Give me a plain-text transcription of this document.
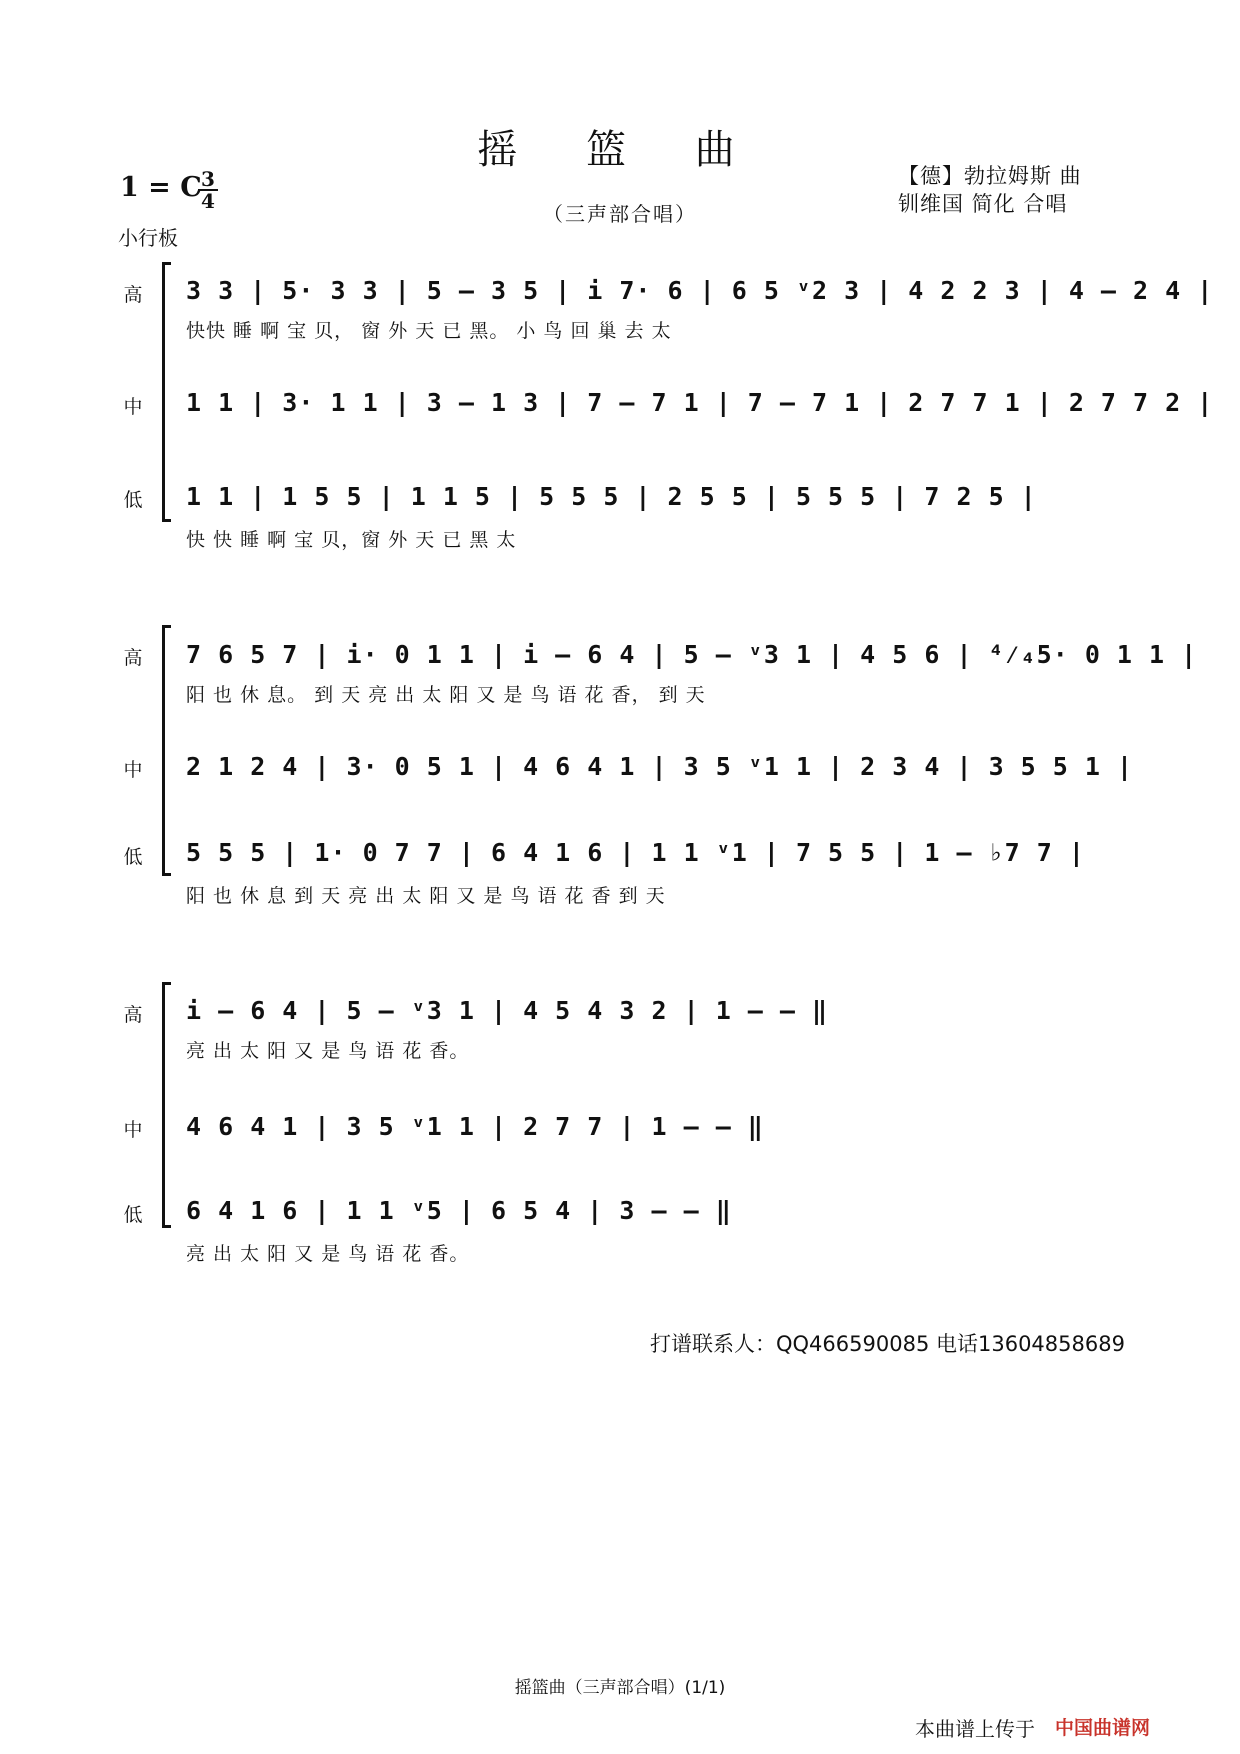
摇 篮 曲
（三声部合唱）
【德】勃拉姆斯 曲
钏维国 简化 合唱
1 = C 3
4
小行板
高
中
低
3 3 | 5· 3 3 | 5 – 3 5 | i 7· 6 | 6 5 ᵛ2 3 | 4 2 2 3 | 4 – 2 4 |
快快 睡 啊 宝 贝， 窗 外 天 已 黑。 小 鸟 回 巢 去 太
1 1 | 3· 1 1 | 3 – 1 3 | 7 – 7 1 | 7 – 7 1 | 2 7 7 1 | 2 7 7 2 |
1 1 | 1 5 5 | 1 1 5 | 5 5 5 | 2 5 5 | 5 5 5 | 7 2 5 |
快 快 睡 啊 宝 贝，窗 外 天 已 黑 太
高
中
低
7 6 5 7 | i· 0 1 1 | i – 6 4 | 5 – ᵛ3 1 | 4 5 6 | ⁴⁄₄5· 0 1 1 |
阳 也 休 息。 到 天 亮 出 太 阳 又 是 鸟 语 花 香， 到 天
2 1 2 4 | 3· 0 5 1 | 4 6 4 1 | 3 5 ᵛ1 1 | 2 3 4 | 3 5 5 1 |
5 5 5 | 1· 0 7 7 | 6 4 1 6 | 1 1 ᵛ1 | 7 5 5 | 1 – ♭7 7 |
阳 也 休 息 到 天 亮 出 太 阳 又 是 鸟 语 花 香 到 天
高
中
低
i – 6 4 | 5 – ᵛ3 1 | 4 5 4 3 2 | 1 – – ‖
亮 出 太 阳 又 是 鸟 语 花 香。
4 6 4 1 | 3 5 ᵛ1 1 | 2 7 7 | 1 – – ‖
6 4 1 6 | 1 1 ᵛ5 | 6 5 4 | 3 – – ‖
亮 出 太 阳 又 是 鸟 语 花 香。
打谱联系人：QQ466590085 电话13604858689
摇篮曲（三声部合唱）(1/1)
本曲谱上传于 中国曲谱网
